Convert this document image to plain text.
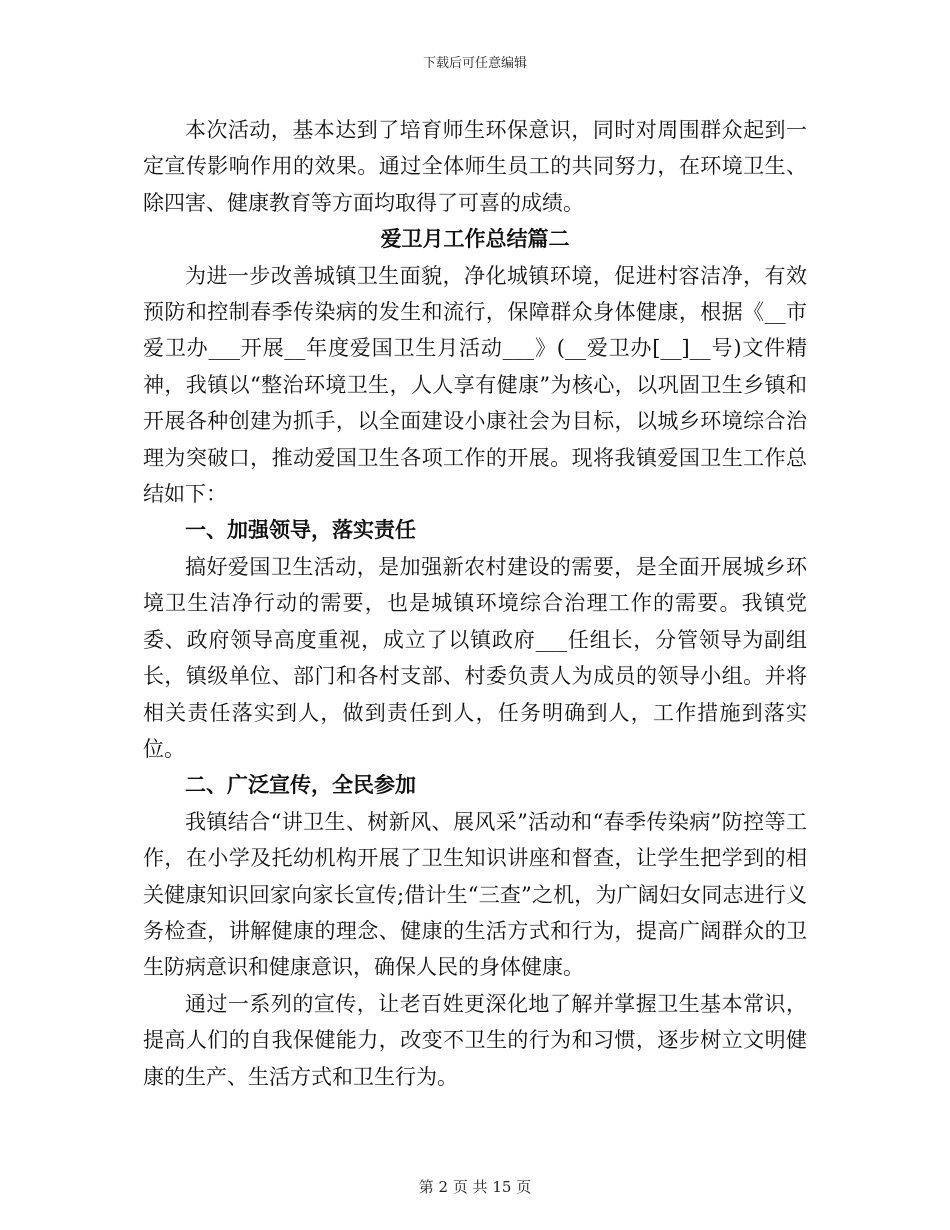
下载后可任意编辑

本次活动，基本达到了培育师生环保意识，同时对周围群众起到一定宣传影响作用的效果。通过全体师生员工的共同努力，在环境卫生、除四害、健康教育等方面均取得了可喜的成绩。

爱卫月工作总结篇二

为进一步改善城镇卫生面貌，净化城镇环境，促进村容洁净，有效预防和控制春季传染病的发生和流行，保障群众身体健康，根据《__市爱卫办___开展__年度爱国卫生月活动___》(__爱卫办[__]__号)文件精神，我镇以“整治环境卫生，人人享有健康”为核心，以巩固卫生乡镇和开展各种创建为抓手，以全面建设小康社会为目标，以城乡环境综合治理为突破口，推动爱国卫生各项工作的开展。现将我镇爱国卫生工作总结如下：

一、加强领导，落实责任

搞好爱国卫生活动，是加强新农村建设的需要，是全面开展城乡环境卫生洁净行动的需要，也是城镇环境综合治理工作的需要。我镇党委、政府领导高度重视，成立了以镇政府___任组长，分管领导为副组长，镇级单位、部门和各村支部、村委负责人为成员的领导小组。并将相关责任落实到人，做到责任到人，任务明确到人，工作措施到落实位。

二、广泛宣传，全民参加

我镇结合“讲卫生、树新风、展风采”活动和“春季传染病”防控等工作，在小学及托幼机构开展了卫生知识讲座和督查，让学生把学到的相关健康知识回家向家长宣传;借计生“三查”之机，为广阔妇女同志进行义务检查，讲解健康的理念、健康的生活方式和行为，提高广阔群众的卫生防病意识和健康意识，确保人民的身体健康。

通过一系列的宣传，让老百姓更深化地了解并掌握卫生基本常识，提高人们的自我保健能力，改变不卫生的行为和习惯，逐步树立文明健康的生产、生活方式和卫生行为。

第 2 页 共 15 页
